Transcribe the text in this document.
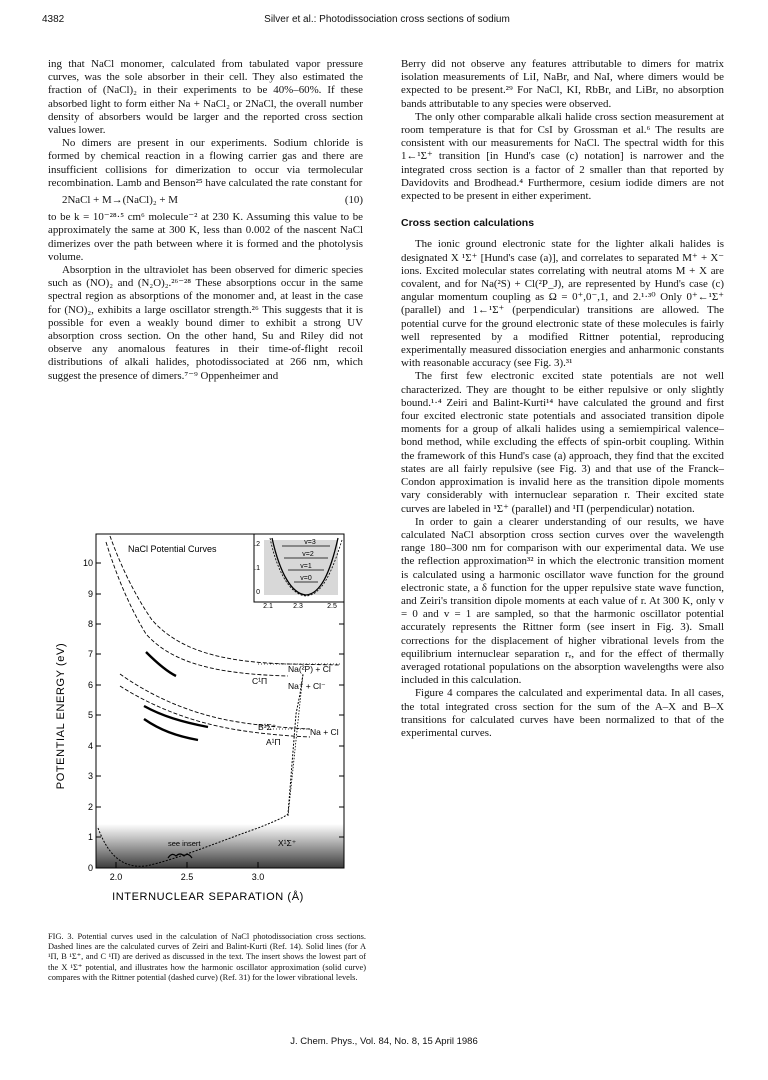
4382	Silver et al.: Photodissociation cross sections of sodium

ing that NaCl monomer, calculated from tabulated vapor pressure curves, was the sole absorber in their cell. They also estimated the fraction of (NaCl)₂ in their experiments to be 40%–60%. If these absorbed light to form either Na + NaCl₂ or 2NaCl, the overall number density of absorbers would be larger and the reported cross section values lower.

No dimers are present in our experiments. Sodium chloride is formed by chemical reaction in a flowing carrier gas and there are insufficient collisions for dimerization to occur via termolecular recombination. Lamb and Benson²⁵ have calculated the rate constant for

2NaCl + M→(NaCl)₂ + M	(10)

to be k = 10⁻²⁸·⁵ cm⁶ molecule⁻² at 230 K. Assuming this value to be approximately the same at 300 K, less than 0.002 of the nascent NaCl dimerizes over the path between where it is formed and the photolysis volume.

Absorption in the ultraviolet has been observed for dimeric species such as (NO)₂ and (N₂O)₂.²⁶⁻²⁸ These absorptions occur in the same spectral region as absorptions of the monomer and, at least in the case for (NO)₂, exhibits a large oscillator strength.²⁶ This suggests that it is possible for even a weakly bound dimer to exhibit a strong UV absorption cross section. On the other hand, Su and Riley did not observe any anomalous features in their time-of-flight recoil distributions of alkali halides, photodissociated at 266 nm, which suggest the presence of dimers.⁷⁻⁹ Oppenheimer and

Berry did not observe any features attributable to dimers for matrix isolation measurements of LiI, NaBr, and NaI, where dimers would be expected to be present.²⁹ For NaCl, KI, RbBr, and LiBr, no absorption bands attributable to any species were observed.

The only other comparable alkali halide cross section measurement at room temperature is that for CsI by Grossman et al.⁶ The results are consistent with our measurements for NaCl. The spectral width for this 1←¹Σ⁺ transition [in Hund's case (c) notation] is narrower and the integrated cross section is a factor of 2 smaller than that reported by Davidovits and Brodhead.⁴ Furthermore, cesium iodide dimers are not expected to be present in either experiment.

Cross section calculations

The ionic ground electronic state for the lighter alkali halides is designated X ¹Σ⁺ [Hund's case (a)], and correlates to separated M⁺ + X⁻ ions. Excited molecular states correlating with neutral atoms M + X are covalent, and for Na(²S) + Cl(²P_J), are represented by Hund's case (c) angular momentum coupling as Ω = 0⁺,0⁻,1, and 2.¹·³⁰ Only 0⁺←¹Σ⁺ (parallel) and 1←¹Σ⁺ (perpendicular) transitions are allowed. The potential curve for the ground electronic state of these molecules is fairly well represented by a modified Rittner potential, reproducing experimentally measured dissociation energies and anharmonic constants with reasonable accuracy (see Fig. 3).³¹

The first few electronic excited state potentials are not well characterized. They are thought to be either repulsive or only slightly bound.¹·⁴ Zeiri and Balint-Kurti¹⁴ have calculated the ground and first four excited electronic state potentials and associated transition dipole moments for a group of alkali halides using a semiempirical valence–bond method, while excluding the effects of spin-orbit coupling. Within the framework of this Hund's case (a) approach, they find that the excited states are all fairly repulsive (see Fig. 3) and that use of the Franck–Condon approximation is invalid here as the transition dipole moments vary considerably with internuclear separation r. Their excited state curves are labeled in ¹Σ⁺ (parallel) and ¹Π (perpendicular) notation.

In order to gain a clearer understanding of our results, we have calculated NaCl absorption cross section curves over the wavelength range 180–300 nm for comparison with our experimental data. We use the reflection approximation³² in which the electronic transition moment is calculated using a harmonic oscillator wave function for the ground electronic state, a δ function for the upper repulsive state wave function, and Zeiri's transition dipole moments at each value of r. At 300 K, only v = 0 and v = 1 are sampled, so that the harmonic oscillator potential accurately represents the Rittner form (see insert in Fig. 3). Small corrections for the displacement of higher vibrational levels from the equilibrium internuclear separation rₑ, and for the effect of thermally averaged rotational populations on the absorption wavelengths were also included in this calculation.

Figure 4 compares the calculated and experimental data. In all cases, the total integrated cross section for the sum of the A–X and B–X transitions for calculated curves have been normalized to that of the experimental curves.

0
1
2
3
4
5
6
7
8
9
10
2.0	2.5	3.0
POTENTIAL ENERGY (eV)
INTERNUCLEAR SEPARATION (Å)
NaCl Potential Curves
Na(²P) + Cl
C¹Π Na⁺ + Cl⁻
B¹Σ⁺	Na + Cl
A¹Π
X¹Σ⁺
see insert
v=3
v=2
v=1
v=0
.2
.1
0
2.1	2.3	2.5
FIG. 3. Potential curves used in the calculation of NaCl photodissociation cross sections. Dashed lines are the calculated curves of Zeiri and Balint-Kurti (Ref. 14). Solid lines (for A ¹Π, B ¹Σ⁺, and C ¹Π) are derived as discussed in the text. The insert shows the lowest part of the X ¹Σ⁺ potential, and illustrates how the harmonic oscillator approximation (solid curve) compares with the Rittner potential (dashed curve) (Ref. 31) for the lower vibrational levels.
J. Chem. Phys., Vol. 84, No. 8, 15 April 1986
